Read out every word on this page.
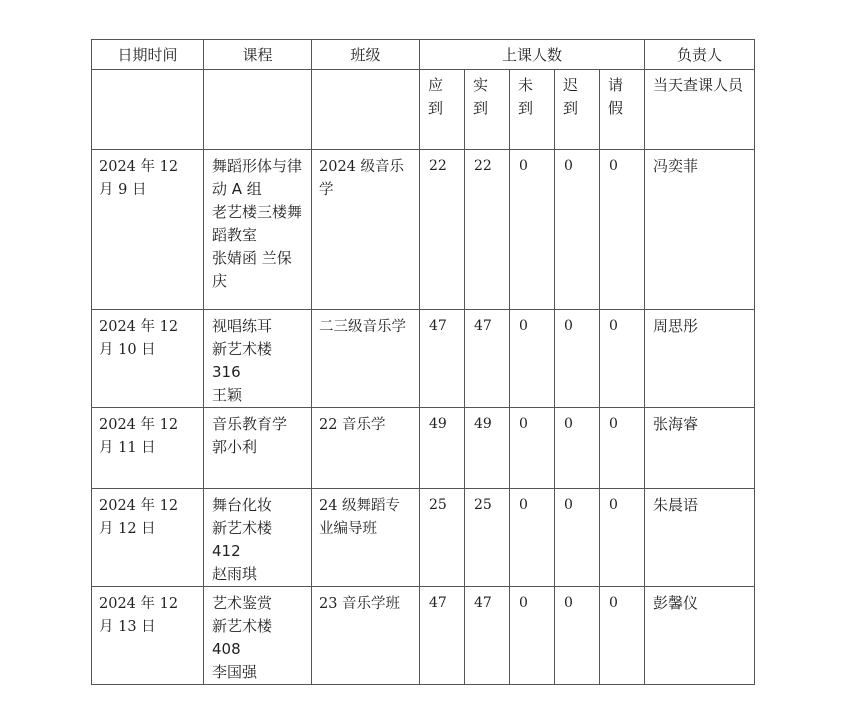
日期时间	课程	班级	上课人数					负责人

			应
到	实
到	未
到	迟
到	请
假	当天查课人员
2024 年 12 月 9 日	舞蹈形体与律动 A 组
老艺楼三楼舞蹈教室
张婧函 兰保庆	2024 级音乐学	22	22	0	0	0	冯奕菲
2024 年 12 月 10 日	视唱练耳
新艺术楼 316
王颖	二三级音乐学	47	47	0	0	0	周思彤
2024 年 12 月 11 日	音乐教育学
郭小利	22 音乐学	49	49	0	0	0	张海睿
2024 年 12 月 12 日	舞台化妆
新艺术楼 412
赵雨琪	24 级舞蹈专业编导班	25	25	0	0	0	朱晨语
2024 年 12 月 13 日	艺术鉴赏
新艺术楼 408
李国强	23 音乐学班	47	47	0	0	0	彭馨仪
